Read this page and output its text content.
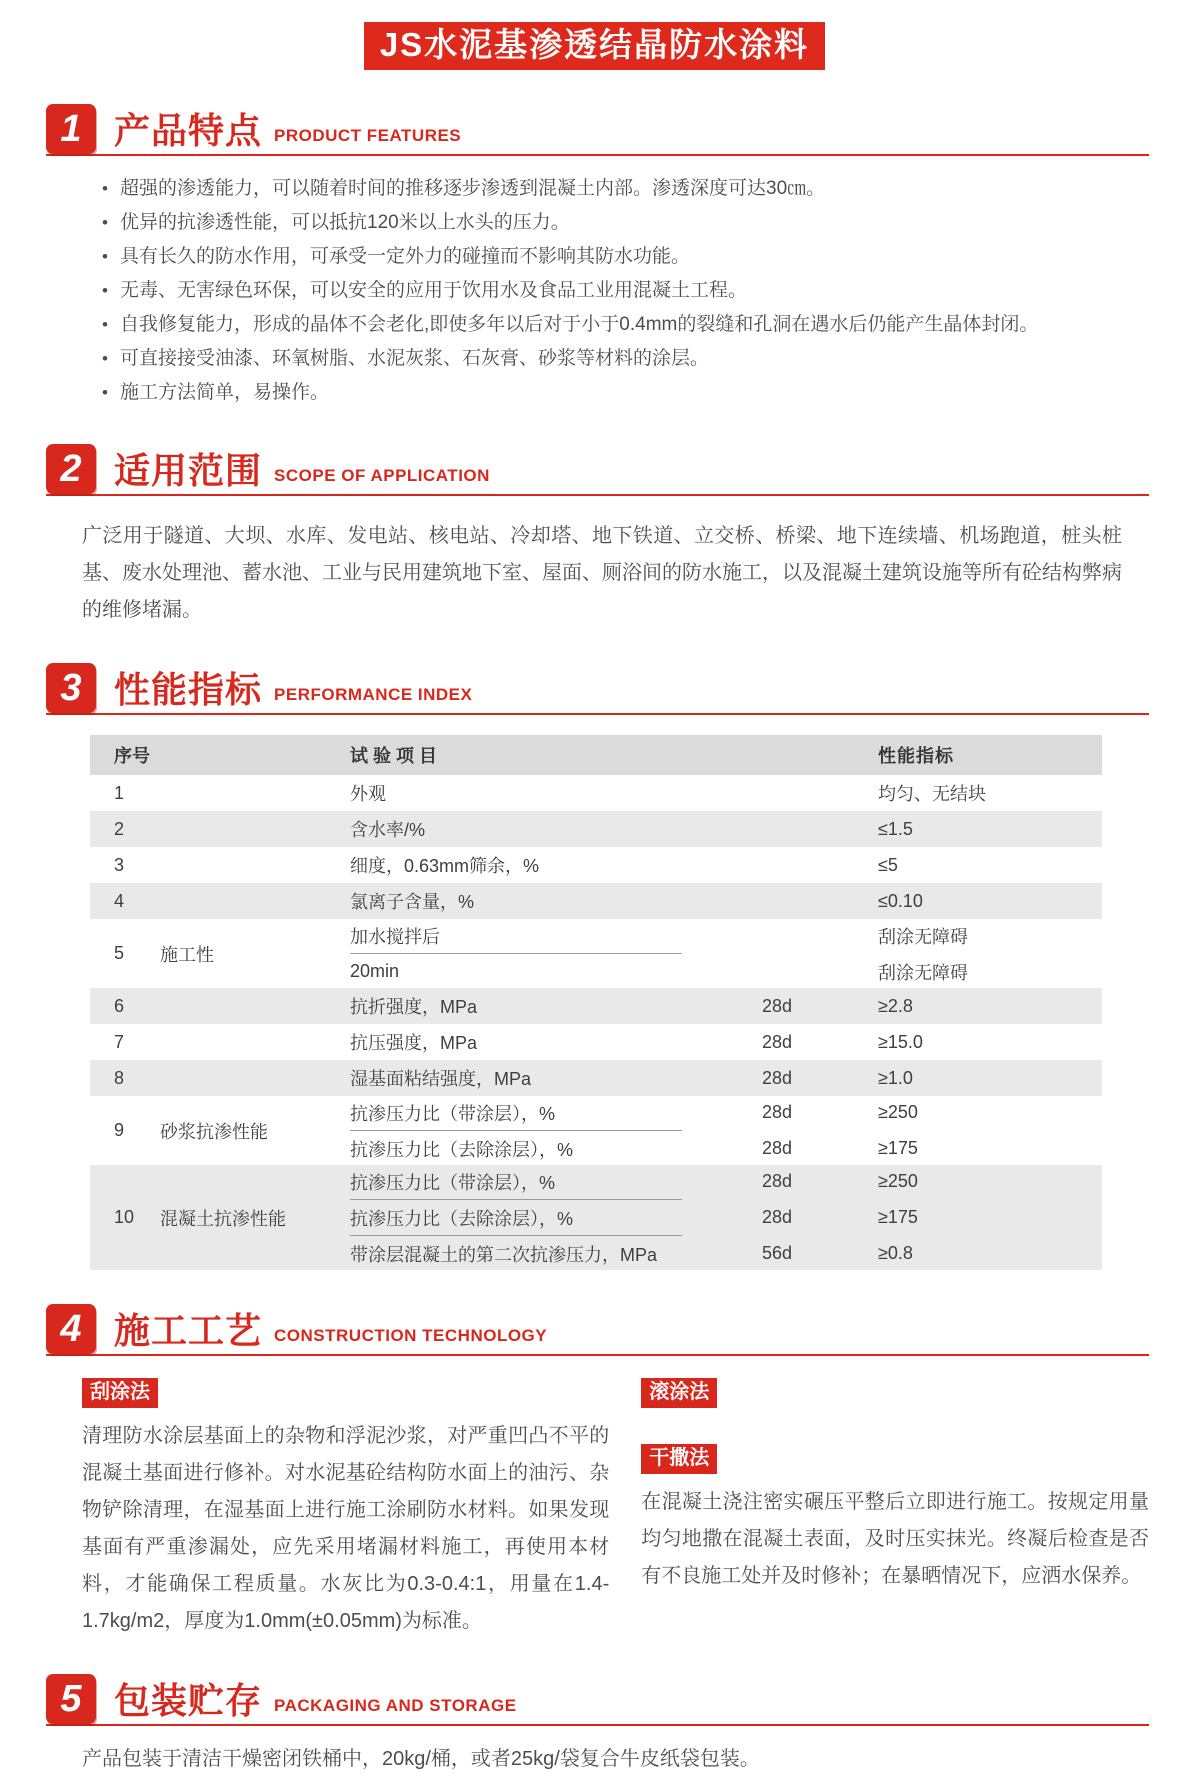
JS水泥基渗透结晶防水涂料
1 产品特点 PRODUCT FEATURES
• 超强的渗透能力，可以随着时间的推移逐步渗透到混凝土内部。渗透深度可达30㎝。
• 优异的抗渗透性能，可以抵抗120米以上水头的压力。
• 具有长久的防水作用，可承受一定外力的碰撞而不影响其防水功能。
• 无毒、无害绿色环保，可以安全的应用于饮用水及食品工业用混凝土工程。
• 自我修复能力，形成的晶体不会老化,即使多年以后对于小于0.4mm的裂缝和孔洞在遇水后仍能产生晶体封闭。
• 可直接接受油漆、环氧树脂、水泥灰浆、石灰膏、砂浆等材料的涂层。
• 施工方法简单，易操作。
2 适用范围 SCOPE OF APPLICATION

广泛用于隧道、大坝、水库、发电站、核电站、冷却塔、地下铁道、立交桥、桥梁、地下连续墙、机场跑道，桩头桩基、废水处理池、蓄水池、工业与民用建筑地下室、屋面、厕浴间的防水施工，以及混凝土建筑设施等所有砼结构弊病的维修堵漏。

3 性能指标 PERFORMANCE INDEX
序号	试验项目	性能指标
1	外观	均匀、无结块
2	含水率/%	≤1.5
3	细度，0.63mm筛余，%	≤5
4	氯离子含量，%	≤0.10
5	施工性
加水搅拌后	刮涂无障碍
20min	刮涂无障碍
6	抗折强度，MPa	28d	≥2.8
7	抗压强度，MPa	28d	≥15.0
8	湿基面粘结强度，MPa	28d	≥1.0
9	砂浆抗渗性能
抗渗压力比（带涂层），%	28d	≥250
抗渗压力比（去除涂层），%	28d	≥175
10	混凝土抗渗性能
抗渗压力比（带涂层），%	28d	≥250
抗渗压力比（去除涂层），%	28d	≥175
带涂层混凝土的第二次抗渗压力，MPa	56d	≥0.8
4 施工工艺 CONSTRUCTION TECHNOLOGY
刮涂法

清理防水涂层基面上的杂物和浮泥沙浆，对严重凹凸不平的混凝土基面进行修补。对水泥基砼结构防水面上的油污、杂物铲除清理，在湿基面上进行施工涂刷防水材料。如果发现基面有严重渗漏处，应先采用堵漏材料施工，再使用本材料，才能确保工程质量。水灰比为0.3-0.4:1，用量在1.4-1.7kg/m2，厚度为1.0mm(±0.05mm)为标准。

滚涂法
干撒法

在混凝土浇注密实碾压平整后立即进行施工。按规定用量均匀地撒在混凝土表面，及时压实抹光。终凝后检查是否有不良施工处并及时修补；在暴晒情况下，应洒水保养。

5 包装贮存 PACKAGING AND STORAGE

产品包装于清洁干燥密闭铁桶中，20kg/桶，或者25kg/袋复合牛皮纸袋包装。
